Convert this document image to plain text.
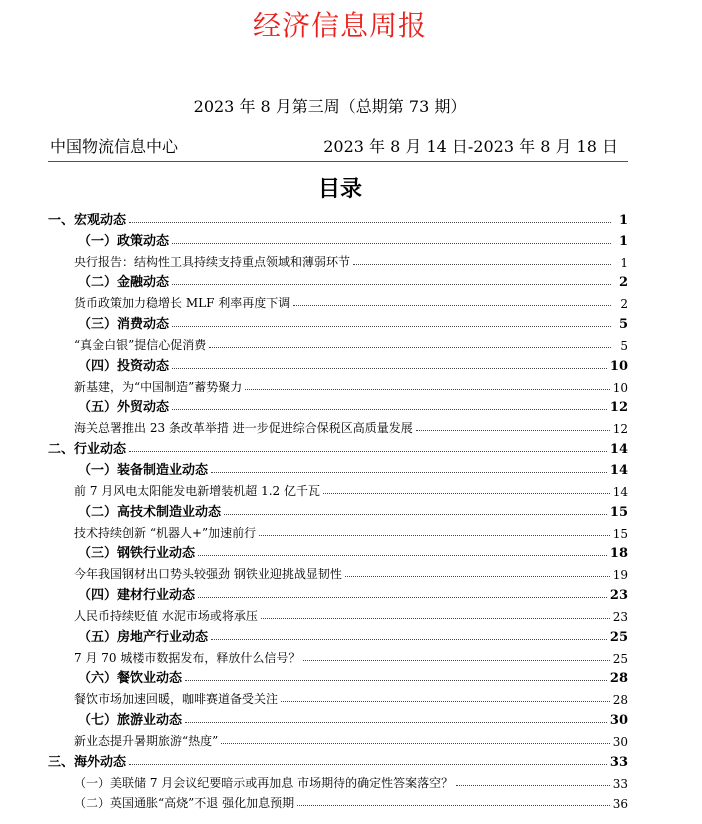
经济信息周报
2023 年 8 月第三周（总期第 73 期）
中国物流信息中心	2023 年 8 月 14 日-2023 年 8 月 18 日
目录
一、宏观动态	1
（一）政策动态	1
央行报告：结构性工具持续支持重点领域和薄弱环节	1
（二）金融动态	2
货币政策加力稳增长 MLF 利率再度下调	2
（三）消费动态	5
“真金白银”提信心促消费	5
（四）投资动态	10
新基建，为“中国制造”蓄势聚力	10
（五）外贸动态	12
海关总署推出 23 条改革举措 进一步促进综合保税区高质量发展	12
二、行业动态	14
（一）装备制造业动态	14
前 7 月风电太阳能发电新增装机超 1.2 亿千瓦	14
（二）高技术制造业动态	15
技术持续创新 “机器人+”加速前行	15
（三）钢铁行业动态	18
今年我国钢材出口势头较强劲 钢铁业迎挑战显韧性	19
（四）建材行业动态	23
人民币持续贬值 水泥市场或将承压	23
（五）房地产行业动态	25
7 月 70 城楼市数据发布，释放什么信号？	25
（六）餐饮业动态	28
餐饮市场加速回暖，咖啡赛道备受关注	28
（七）旅游业动态	30
新业态提升暑期旅游“热度”	30
三、海外动态	33
（一）美联储 7 月会议纪要暗示或再加息 市场期待的确定性答案落空？	33
（二）英国通胀“高烧”不退 强化加息预期	36
